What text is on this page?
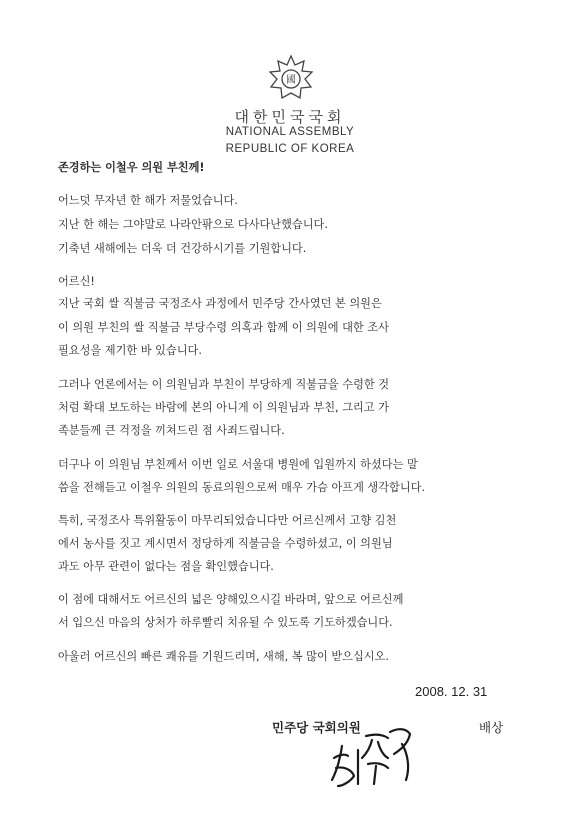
國
대한민국국회
NATIONAL ASSEMBLY
REPUBLIC OF KOREA
존경하는 이철우 의원 부친께!
어느덧 무자년 한 해가 저물었습니다.
지난 한 해는 그야말로 나라안팎으로 다사다난했습니다.
기축년 새해에는 더욱 더 건강하시기를 기원합니다.
어르신!
지난 국회 쌀 직불금 국정조사 과정에서 민주당 간사였던 본 의원은
이 의원 부친의 쌀 직불금 부당수령 의혹과 함께 이 의원에 대한 조사
필요성을 제기한 바 있습니다.
그러나 언론에서는 이 의원님과 부친이 부당하게 직불금을 수령한 것
처럼 확대 보도하는 바람에 본의 아니게 이 의원님과 부친, 그리고 가
족분들께 큰 걱정을 끼쳐드린 점 사죄드립니다.
더구나 이 의원님 부친께서 이번 일로 서울대 병원에 입원까지 하셨다는 말
씀을 전해듣고 이철우 의원의 동료의원으로써 매우 가슴 아프게 생각합니다.
특히, 국정조사 특위활동이 마무리되었습니다만 어르신께서 고향 김천
에서 농사를 짓고 계시면서 정당하게 직불금을 수령하셨고, 이 의원님
과도 아무 관련이 없다는 점을 확인했습니다.
이 점에 대해서도 어르신의 넓은 양해있으시길 바라며, 앞으로 어르신께
서 입으신 마음의 상처가 하루빨리 치유될 수 있도록 기도하겠습니다.
아울러 어르신의 빠른 쾌유를 기원드리며, 새해, 복 많이 받으십시오.
2008. 12. 31
민주당 국회의원	배상
